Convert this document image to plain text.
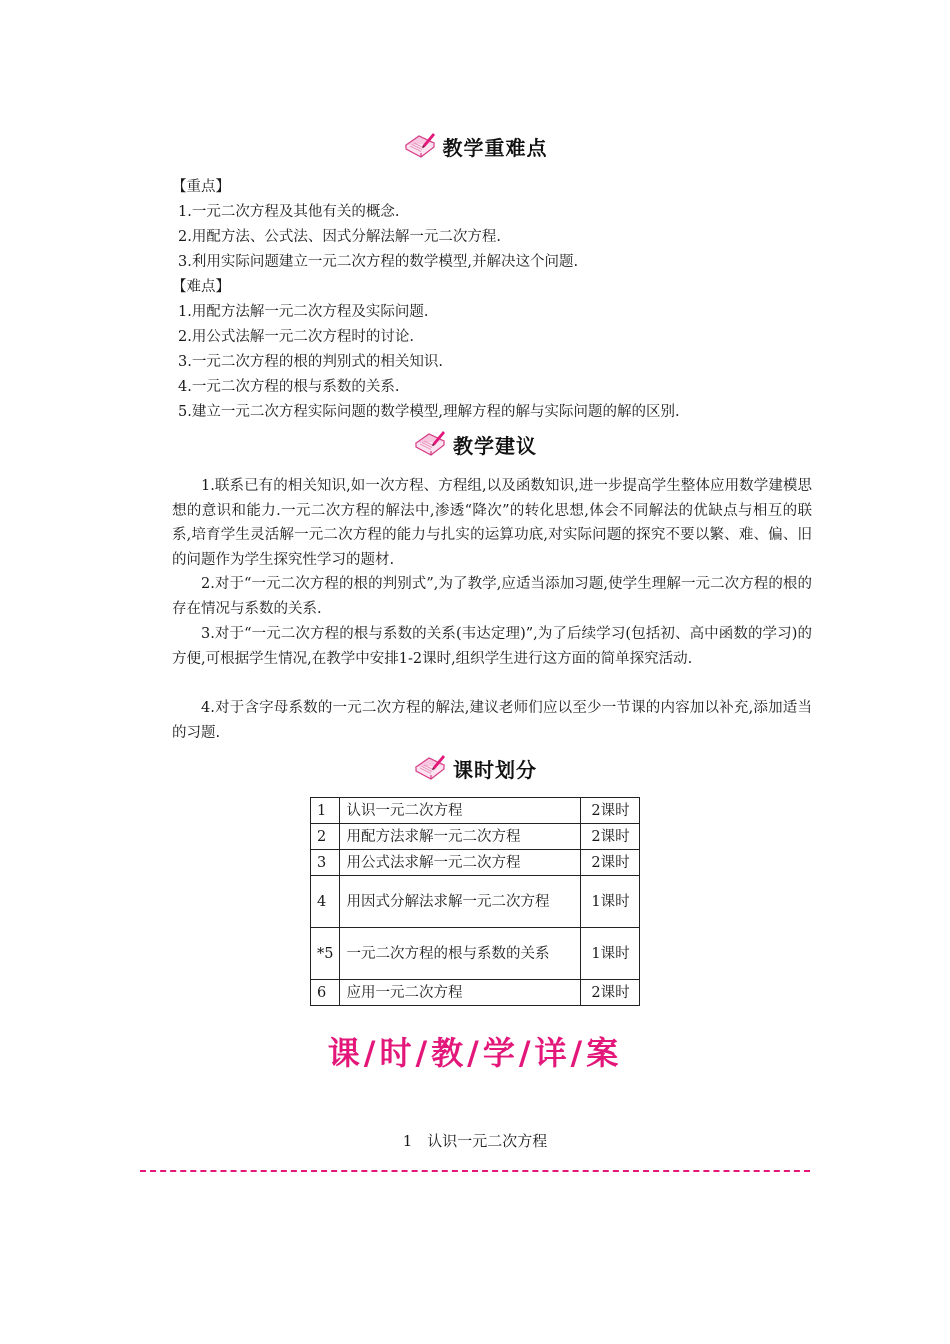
教学重难点
【重点】
1.一元二次方程及其他有关的概念.
2.用配方法、公式法、因式分解法解一元二次方程.
3.利用实际问题建立一元二次方程的数学模型,并解决这个问题.
【难点】
1.用配方法解一元二次方程及实际问题.
2.用公式法解一元二次方程时的讨论.
3.一元二次方程的根的判别式的相关知识.
4.一元二次方程的根与系数的关系.
5.建立一元二次方程实际问题的数学模型,理解方程的解与实际问题的解的区别.
教学建议
1.联系已有的相关知识,如一次方程、方程组,以及函数知识,进一步提高学生整体应用数学建模思想的意识和能力.一元二次方程的解法中,渗透“降次”的转化思想,体会不同解法的优缺点与相互的联系,培育学生灵活解一元二次方程的能力与扎实的运算功底,对实际问题的探究不要以繁、难、偏、旧的问题作为学生探究性学习的题材.
2.对于“一元二次方程的根的判别式”,为了教学,应适当添加习题,使学生理解一元二次方程的根的存在情况与系数的关系.
3.对于“一元二次方程的根与系数的关系(韦达定理)”,为了后续学习(包括初、高中函数的学习)的方便,可根据学生情况,在教学中安排1-2课时,组织学生进行这方面的简单探究活动.
4.对于含字母系数的一元二次方程的解法,建议老师们应以至少一节课的内容加以补充,添加适当的习题.
课时划分
1	认识一元二次方程	2课时
2	用配方法求解一元二次方程	2课时
3	用公式法求解一元二次方程	2课时
4	用因式分解法求解一元二次方程	1课时
*5	一元二次方程的根与系数的关系	1课时
6	应用一元二次方程	2课时
课/时/教/学/详/案
1　认识一元二次方程
